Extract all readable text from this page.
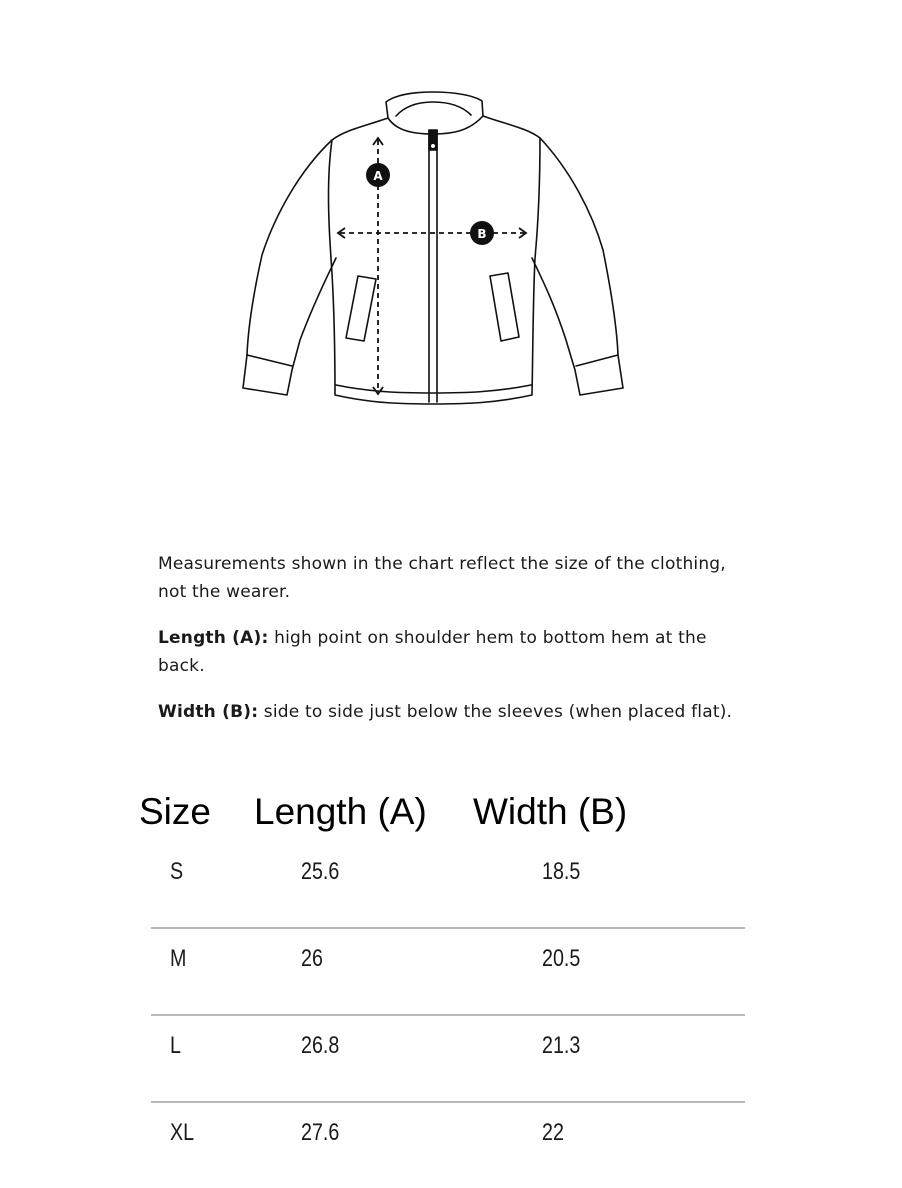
A
B

Measurements shown in the chart reflect the size of the clothing, not the wearer.

Length (A): high point on shoulder hem to bottom hem at the back.

Width (B): side to side just below the sleeves (when placed flat).

Size Length (A) Width (B)
S	25.6	18.5
M	26	20.5
L	26.8	21.3
XL	27.6	22
